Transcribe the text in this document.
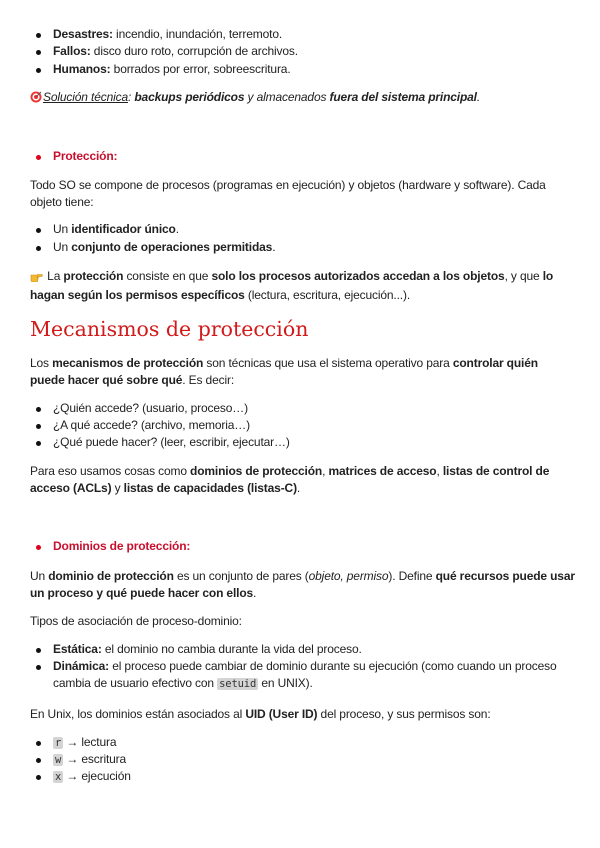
Desastres: incendio, inundación, terremoto.
Fallos: disco duro roto, corrupción de archivos.
Humanos: borrados por error, sobreescritura.
Solución técnica: backups periódicos y almacenados fuera del sistema principal.
Protección:
Todo SO se compone de procesos (programas en ejecución) y objetos (hardware y software). Cada objeto tiene:
Un identificador único.
Un conjunto de operaciones permitidas.
La protección consiste en que solo los procesos autorizados accedan a los objetos, y que lo hagan según los permisos específicos (lectura, escritura, ejecución...).
Mecanismos de protección
Los mecanismos de protección son técnicas que usa el sistema operativo para controlar quién puede hacer qué sobre qué. Es decir:
¿Quién accede? (usuario, proceso…)
¿A qué accede? (archivo, memoria…)
¿Qué puede hacer? (leer, escribir, ejecutar…)
Para eso usamos cosas como dominios de protección, matrices de acceso, listas de control de acceso (ACLs) y listas de capacidades (listas-C).
Dominios de protección:
Un dominio de protección es un conjunto de pares (objeto, permiso). Define qué recursos puede usar un proceso y qué puede hacer con ellos.
Tipos de asociación de proceso-dominio:
Estática: el dominio no cambia durante la vida del proceso.
Dinámica: el proceso puede cambiar de dominio durante su ejecución (como cuando un proceso cambia de usuario efectivo con setuid en UNIX).
En Unix, los dominios están asociados al UID (User ID) del proceso, y sus permisos son:
r → lectura
w → escritura
x → ejecución
